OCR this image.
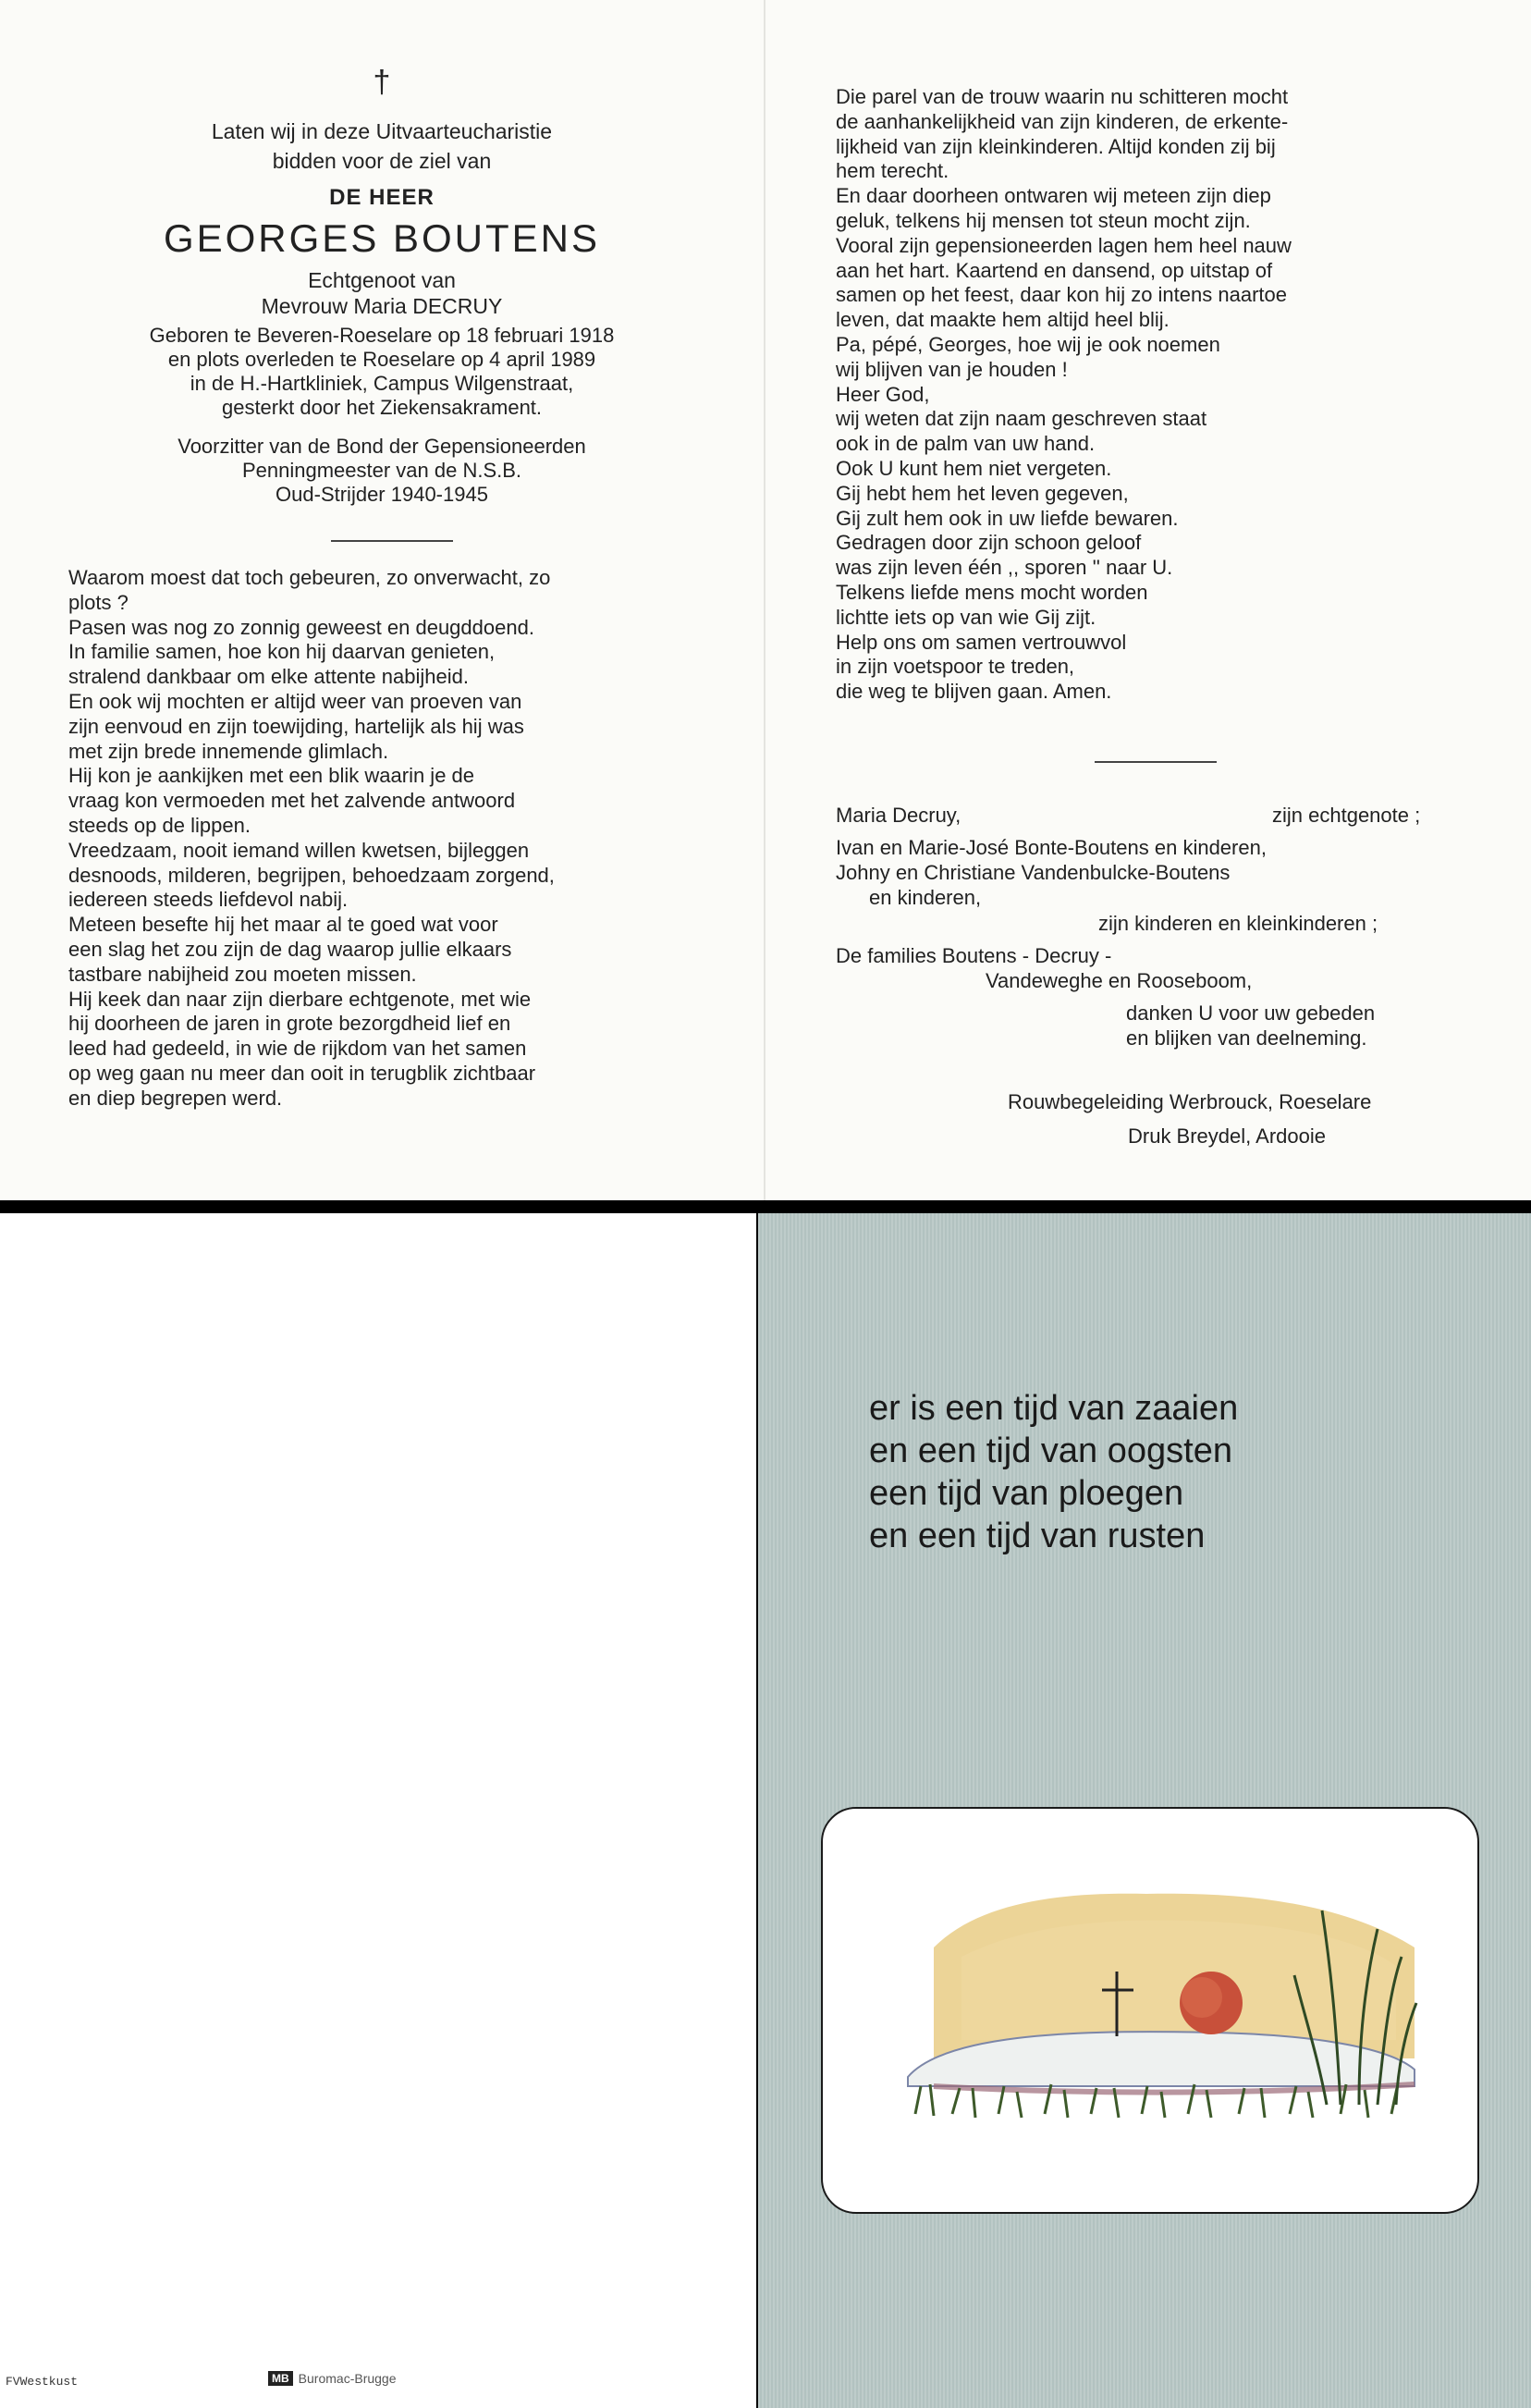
†
Laten wij in deze Uitvaarteucharistie
bidden voor de ziel van
DE HEER
GEORGES BOUTENS
Echtgenoot van
Mevrouw Maria DECRUY
Geboren te Beveren-Roeselare op 18 februari 1918
en plots overleden te Roeselare op 4 april 1989
in de H.-Hartkliniek, Campus Wilgenstraat,
gesterkt door het Ziekensakrament.
Voorzitter van de Bond der Gepensioneerden
Penningmeester van de N.S.B.
Oud-Strijder 1940-1945
Waarom moest dat toch gebeuren, zo onverwacht, zo
plots ?
Pasen was nog zo zonnig geweest en deugddoend.
In familie samen, hoe kon hij daarvan genieten,
stralend dankbaar om elke attente nabijheid.
En ook wij mochten er altijd weer van proeven van
zijn eenvoud en zijn toewijding, hartelijk als hij was
met zijn brede innemende glimlach.
Hij kon je aankijken met een blik waarin je de
vraag kon vermoeden met het zalvende antwoord
steeds op de lippen.
Vreedzaam, nooit iemand willen kwetsen, bijleggen
desnoods, milderen, begrijpen, behoedzaam zorgend,
iedereen steeds liefdevol nabij.
Meteen besefte hij het maar al te goed wat voor
een slag het zou zijn de dag waarop jullie elkaars
tastbare nabijheid zou moeten missen.
Hij keek dan naar zijn dierbare echtgenote, met wie
hij doorheen de jaren in grote bezorgdheid lief en
leed had gedeeld, in wie de rijkdom van het samen
op weg gaan nu meer dan ooit in terugblik zichtbaar
en diep begrepen werd.
Die parel van de trouw waarin nu schitteren mocht
de aanhankelijkheid van zijn kinderen, de erkente-
lijkheid van zijn kleinkinderen. Altijd konden zij bij
hem terecht.
En daar doorheen ontwaren wij meteen zijn diep
geluk, telkens hij mensen tot steun mocht zijn.
Vooral zijn gepensioneerden lagen hem heel nauw
aan het hart. Kaartend en dansend, op uitstap of
samen op het feest, daar kon hij zo intens naartoe
leven, dat maakte hem altijd heel blij.
Pa, pépé, Georges, hoe wij je ook noemen
wij blijven van je houden !
Heer God,
wij weten dat zijn naam geschreven staat
ook in de palm van uw hand.
Ook U kunt hem niet vergeten.
Gij hebt hem het leven gegeven,
Gij zult hem ook in uw liefde bewaren.
Gedragen door zijn schoon geloof
was zijn leven één ,, sporen '' naar U.
Telkens liefde mens mocht worden
lichtte iets op van wie Gij zijt.
Help ons om samen vertrouwvol
in zijn voetspoor te treden,
die weg te blijven gaan. Amen.
Maria Decruy,	zijn echtgenote ;
Ivan en Marie-José Bonte-Boutens en kinderen,
Johny en Christiane Vandenbulcke-Boutens
en kinderen,
zijn kinderen en kleinkinderen ;
De families Boutens - Decruy -
Vandeweghe en Rooseboom,
danken U voor uw gebeden
en blijken van deelneming.
Rouwbegeleiding Werbrouck, Roeselare
Druk Breydel, Ardooie
FVWestkust	MB Buromac-Brugge
er is een tijd van zaaien
en een tijd van oogsten
een tijd van ploegen
en een tijd van rusten
